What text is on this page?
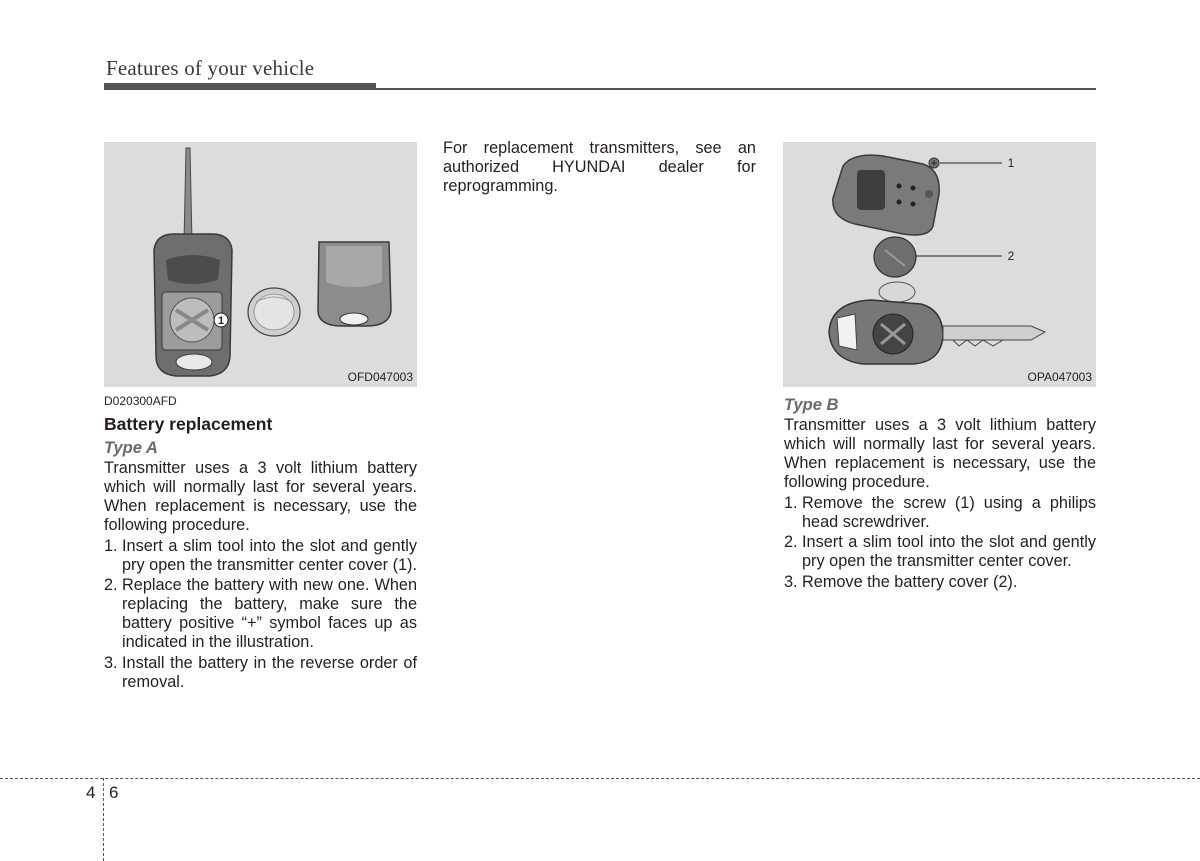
Features of your vehicle
1
OFD047003
1
2
OPA047003
D020300AFD
Battery replacement
Type A
Transmitter uses a 3 volt lithium battery which will normally last for several years. When replacement is necessary, use the following procedure.
1. Insert a slim tool into the slot and gently pry open the transmitter center cover (1).
2. Replace the battery with new one. When replacing the battery, make sure the battery positive “+” symbol faces up as indicated in the illustration.
3. Install the battery in the reverse order of removal.
For replacement transmitters, see an authorized HYUNDAI dealer for reprogramming.
Type B
Transmitter uses a 3 volt lithium battery which will normally last for several years. When replacement is necessary, use the following procedure.
1. Remove the screw (1) using a philips head screwdriver.
2. Insert a slim tool into the slot and gently pry open the transmitter center cover.
3. Remove the battery cover (2).
4 6
